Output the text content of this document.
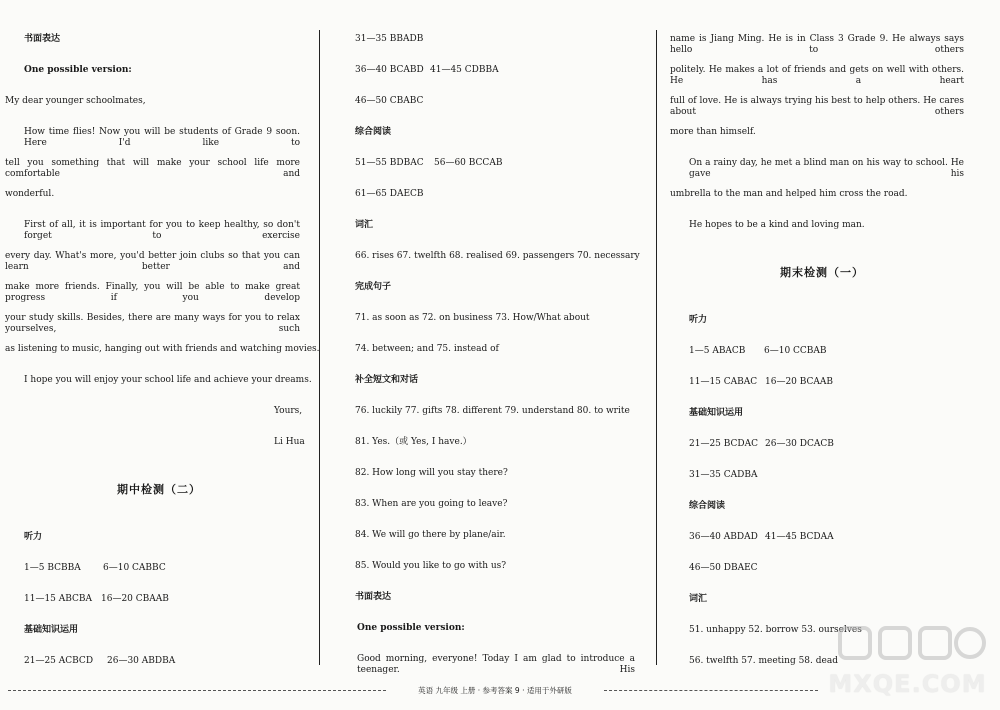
书面表达
One possible version:
My dear younger schoolmates,
How time flies! Now you will be students of Grade 9 soon. Here I'd like to
tell you something that will make your school life more comfortable and
wonderful.
First of all, it is important for you to keep healthy, so don't forget to exercise
every day. What's more, you'd better join clubs so that you can learn better and
make more friends. Finally, you will be able to make great progress if you develop
your study skills. Besides, there are many ways for you to relax yourselves, such
as listening to music, hanging out with friends and watching movies.
I hope you will enjoy your school life and achieve your dreams.
Yours,
Li Hua
期中检测（二）
听力
1—5 BCBBA 6—10 CABBC
11—15 ABCBA 16—20 CBAAB
基础知识运用
21—25 ACBCD 26—30 ABDBA
31—35 BBADB
36—40 BCABD 41—45 CDBBA
46—50 CBABC
综合阅读
51—55 BDBAC 56—60 BCCAB
61—65 DAECB
词汇
66. rises 67. twelfth 68. realised 69. passengers 70. necessary
完成句子
71. as soon as 72. on business 73. How/What about
74. between; and 75. instead of
补全短文和对话
76. luckily 77. gifts 78. different 79. understand 80. to write
81. Yes.（或 Yes, I have.）
82. How long will you stay there?
83. When are you going to leave?
84. We will go there by plane/air.
85. Would you like to go with us?
书面表达
One possible version:
Good morning, everyone! Today I am glad to introduce a teenager. His
name is Jiang Ming. He is in Class 3 Grade 9. He always says hello to others
politely. He makes a lot of friends and gets on well with others. He has a heart
full of love. He is always trying his best to help others. He cares about others
more than himself.
On a rainy day, he met a blind man on his way to school. He gave his
umbrella to the man and helped him cross the road.
He hopes to be a kind and loving man.
期末检测（一）
听力
1—5 ABACB 6—10 CCBAB
11—15 CABAC 16—20 BCAAB
基础知识运用
21—25 BCDAC 26—30 DCACB
31—35 CADBA
综合阅读
36—40 ABDAD 41—45 BCDAA
46—50 DBAEC
词汇
51. unhappy 52. borrow 53. ourselves
56. twelfth 57. meeting 58. dead
MXQE.COM
英语 九年级 上册 · 参考答案 9 · 适用于外研版
